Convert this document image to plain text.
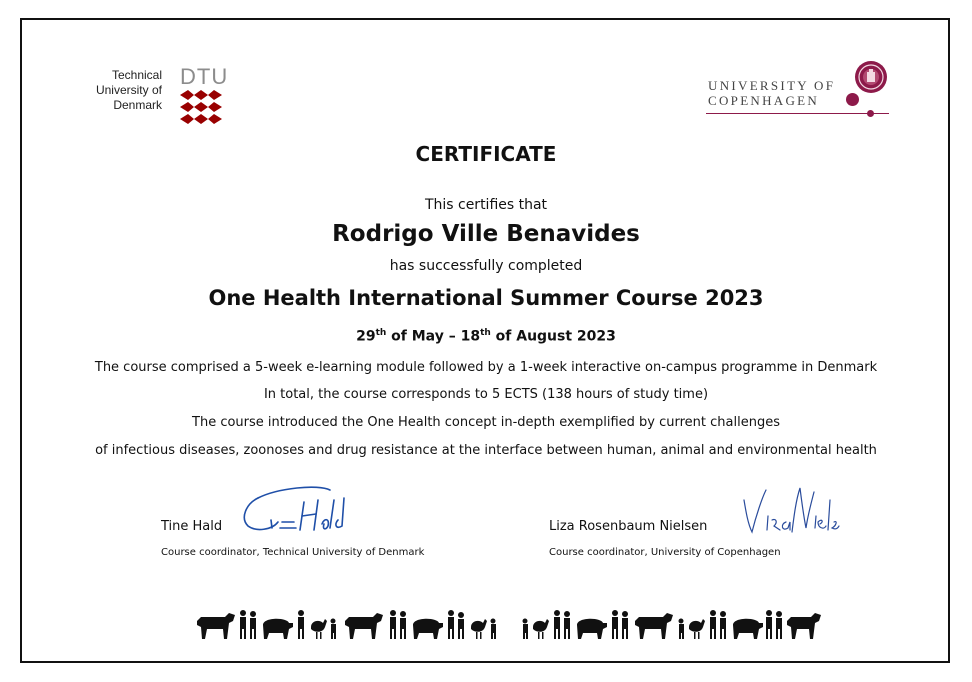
Technical
University of
Denmark
DTU	UNIVERSITY OF
COPENHAGEN
CERTIFICATE
This certifies that
Rodrigo Ville Benavides
has successfully completed
One Health International Summer Course 2023
29th of May – 18th of August 2023
The course comprised a 5-week e-learning module followed by a 1-week interactive on-campus programme in Denmark
In total, the course corresponds to 5 ECTS (138 hours of study time)
The course introduced the One Health concept in-depth exemplified by current challenges
of infectious diseases, zoonoses and drug resistance at the interface between human, animal and environmental health
Tine Hald
Course coordinator, Technical University of Denmark
Liza Rosenbaum Nielsen
Course coordinator, University of Copenhagen
